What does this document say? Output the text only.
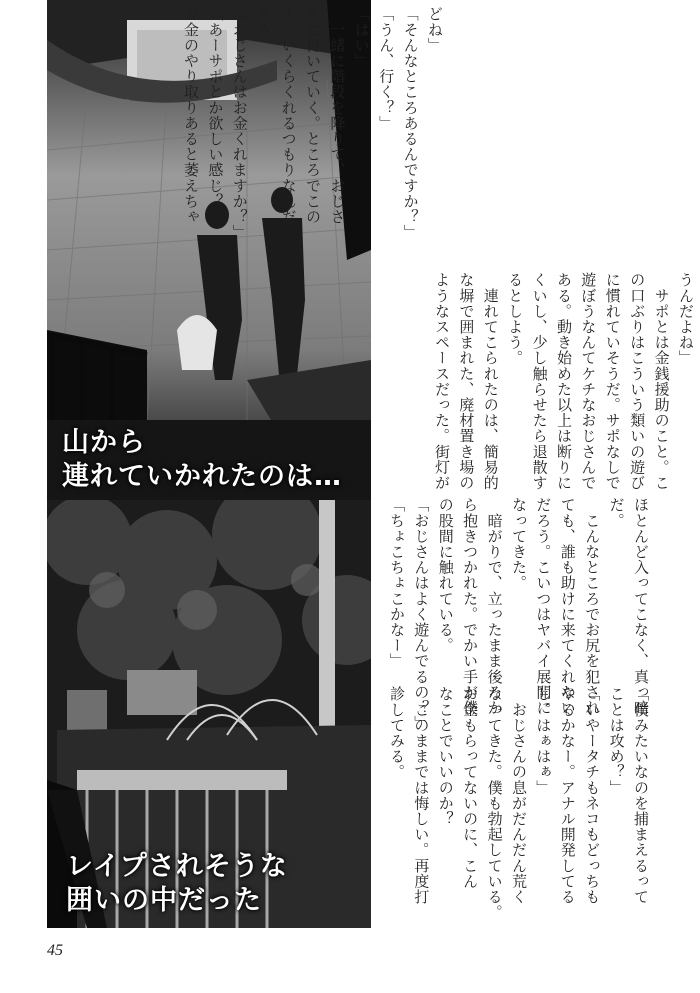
山から
連れていかれたのは…
レイプされそうな
囲いの中だった

どね」

「そんなところあるんですか？」

「うん、行く？」

「はい」

　一緒に階段を降りて、おじさ

んに付いていく。ところでこの

人、いくらくれるつもりなんだ

ろう。

「おじさんはお金くれますか？」

「あーサポとか欲しい感じ？

お金のやり取りあると萎えちゃ

うんだよね」

　サポとは金銭援助のこと。こ

の口ぶりはこういう類いの遊び

に慣れていそうだ。サポなしで

遊ぼうなんてケチなおじさんで

ある。動き始めた以上は断りに

くいし、少し触らせたら退散す

るとしよう。

　連れてこられたのは、簡易的

な塀で囲まれた、廃材置き場の

ようなスペースだった。街灯が

ほとんど入ってこなく、真っ暗

だ。

　こんなところでお尻を犯され

ても、誰も助けに来てくれない

だろう。こいつはヤバイ展開に

なってきた。

　暗がりで、立ったまま後ろか

ら抱きつかれた。でかい手が僕

の股間に触れている。

「おじさんはよく遊んでるの？」

「ちょこちょこかなー」

「僕みたいなのを捕まえるって

ことは攻め？」

「いやータチもネコもどっちも

やるかなー。アナル開発してる

し。はぁはぁ」

　おじさんの息がだんだん荒く

なってきた。僕も勃起している。

お金もらってないのに、こん

なことでいいのか？

　このままでは悔しい。再度打

診してみる。

45
